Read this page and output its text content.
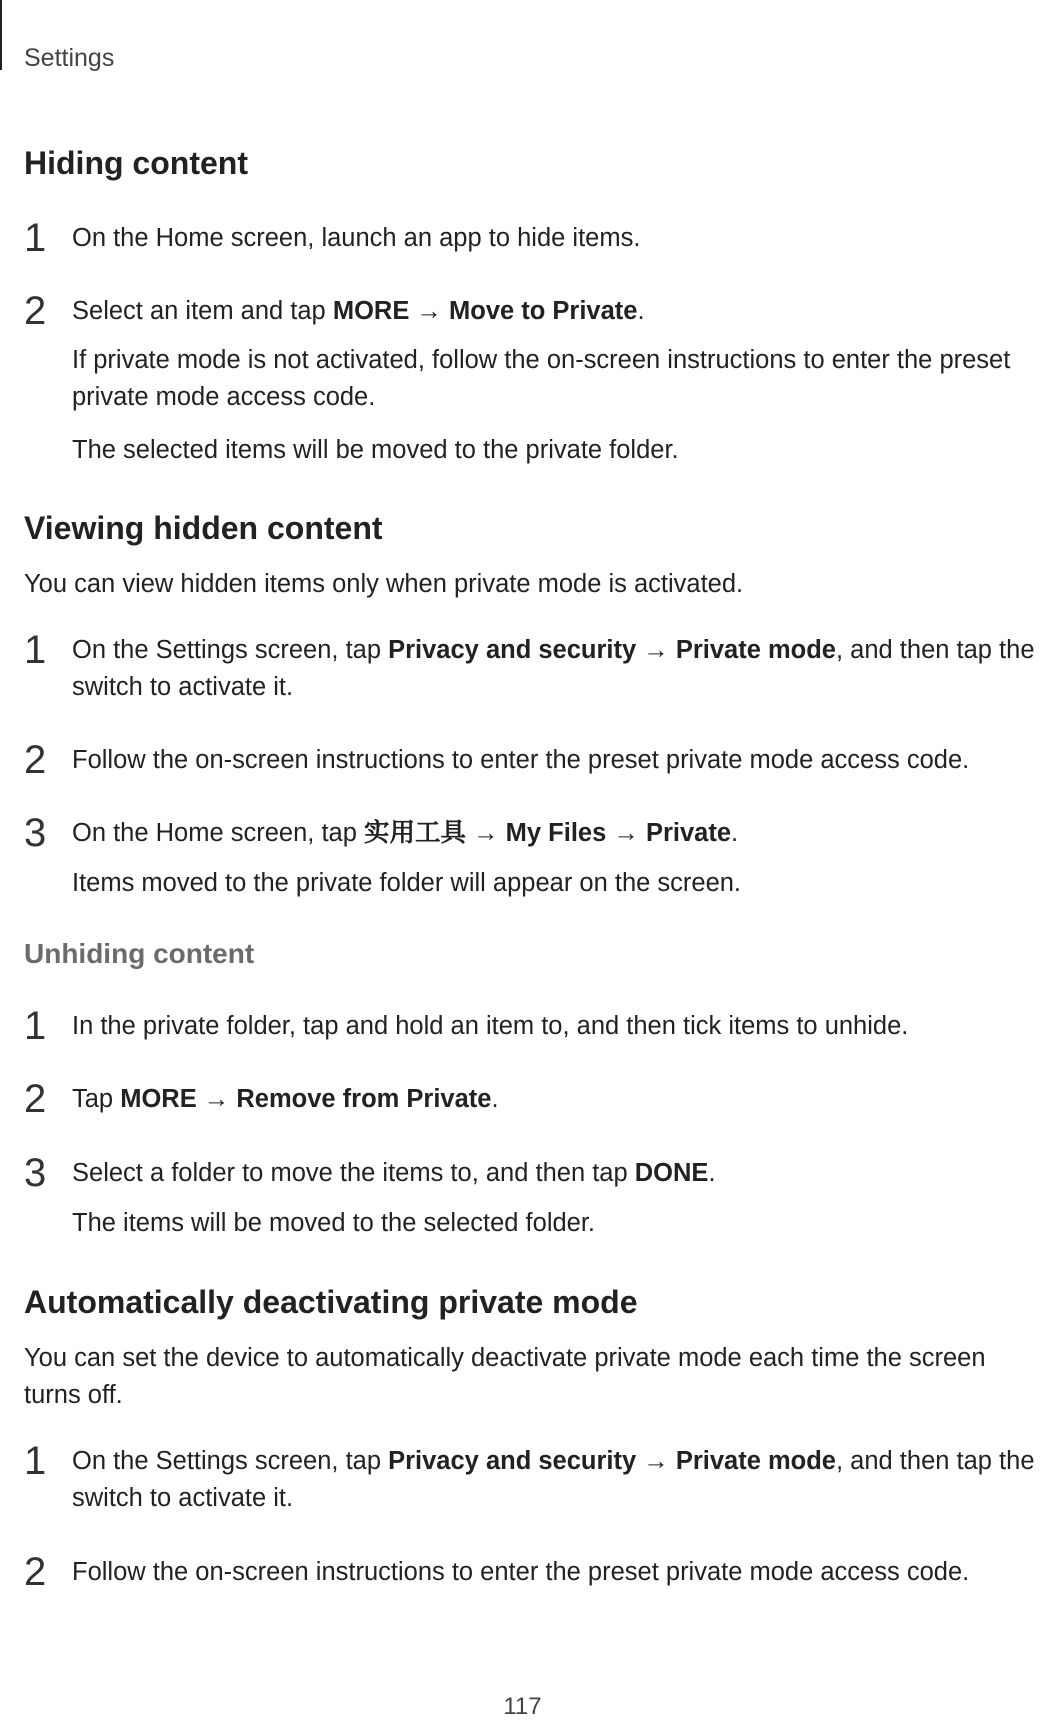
Settings
Hiding content
1 On the Home screen, launch an app to hide items.
2 Select an item and tap MORE → Move to Private.
If private mode is not activated, follow the on-screen instructions to enter the preset private mode access code.
The selected items will be moved to the private folder.
Viewing hidden content
You can view hidden items only when private mode is activated.
1 On the Settings screen, tap Privacy and security → Private mode, and then tap the switch to activate it.
2 Follow the on-screen instructions to enter the preset private mode access code.
3 On the Home screen, tap 实用工具 → My Files → Private.
Items moved to the private folder will appear on the screen.
Unhiding content
1 In the private folder, tap and hold an item to, and then tick items to unhide.
2 Tap MORE → Remove from Private.
3 Select a folder to move the items to, and then tap DONE.
The items will be moved to the selected folder.
Automatically deactivating private mode
You can set the device to automatically deactivate private mode each time the screen turns off.
1 On the Settings screen, tap Privacy and security → Private mode, and then tap the switch to activate it.
2 Follow the on-screen instructions to enter the preset private mode access code.
117
